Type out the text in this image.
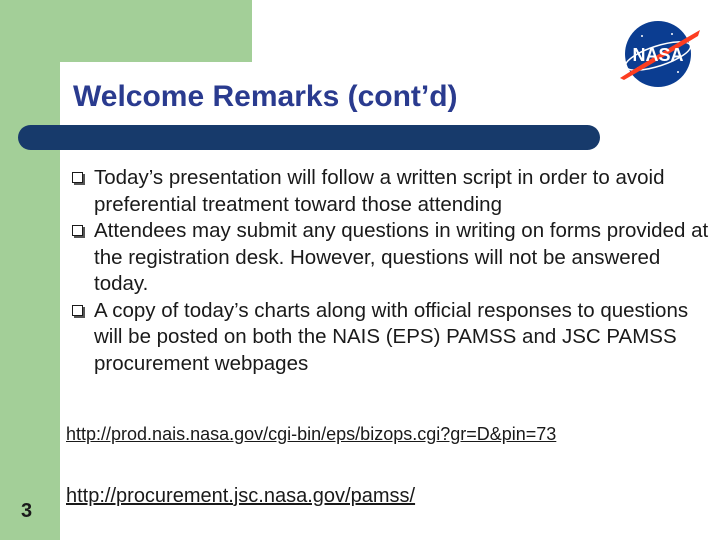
Welcome Remarks (cont’d)
NASA
Today’s presentation will follow a written script in order to avoid preferential treatment toward those attending
Attendees may submit any questions in writing on forms provided at the registration desk. However, questions will not be answered today.
A copy of today’s charts along with official responses to questions will be posted on both the NAIS (EPS) PAMSS and JSC PAMSS procurement webpages
http://prod.nais.nasa.gov/cgi-bin/eps/bizops.cgi?gr=D&pin=73
http://procurement.jsc.nasa.gov/pamss/
3
